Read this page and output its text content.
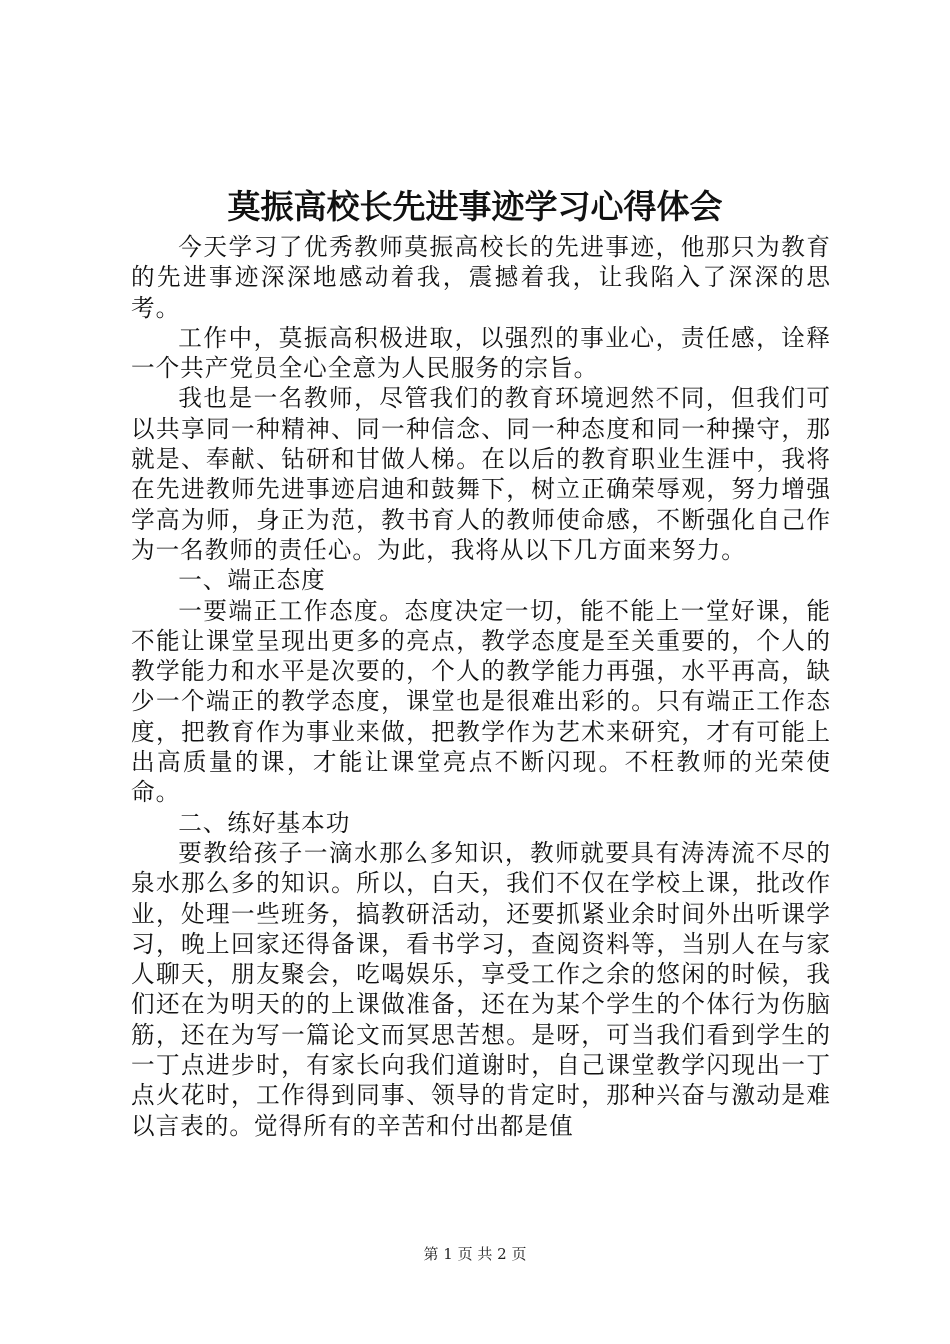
莫振高校长先进事迹学习心得体会

今天学习了优秀教师莫振高校长的先进事迹，他那只为教育的先进事迹深深地感动着我，震撼着我，让我陷入了深深的思考。

工作中，莫振高积极进取，以强烈的事业心，责任感，诠释一个共产党员全心全意为人民服务的宗旨。

我也是一名教师，尽管我们的教育环境迥然不同，但我们可以共享同一种精神、同一种信念、同一种态度和同一种操守，那就是、奉献、钻研和甘做人梯。在以后的教育职业生涯中，我将在先进教师先进事迹启迪和鼓舞下，树立正确荣辱观，努力增强学高为师，身正为范，教书育人的教师使命感，不断强化自己作为一名教师的责任心。为此，我将从以下几方面来努力。

一、端正态度

一要端正工作态度。态度决定一切，能不能上一堂好课，能不能让课堂呈现出更多的亮点，教学态度是至关重要的，个人的教学能力和水平是次要的，个人的教学能力再强，水平再高，缺少一个端正的教学态度，课堂也是很难出彩的。只有端正工作态度，把教育作为事业来做，把教学作为艺术来研究，才有可能上出高质量的课，才能让课堂亮点不断闪现。不枉教师的光荣使命。

二、练好基本功

要教给孩子一滴水那么多知识，教师就要具有涛涛流不尽的泉水那么多的知识。所以，白天，我们不仅在学校上课，批改作业，处理一些班务，搞教研活动，还要抓紧业余时间外出听课学习，晚上回家还得备课，看书学习，查阅资料等，当别人在与家人聊天，朋友聚会，吃喝娱乐，享受工作之余的悠闲的时候，我们还在为明天的的上课做准备，还在为某个学生的个体行为伤脑筋，还在为写一篇论文而冥思苦想。是呀，可当我们看到学生的一丁点进步时，有家长向我们道谢时，自己课堂教学闪现出一丁点火花时，工作得到同事、领导的肯定时，那种兴奋与激动是难以言表的。觉得所有的辛苦和付出都是值

第 1 页 共 2 页
